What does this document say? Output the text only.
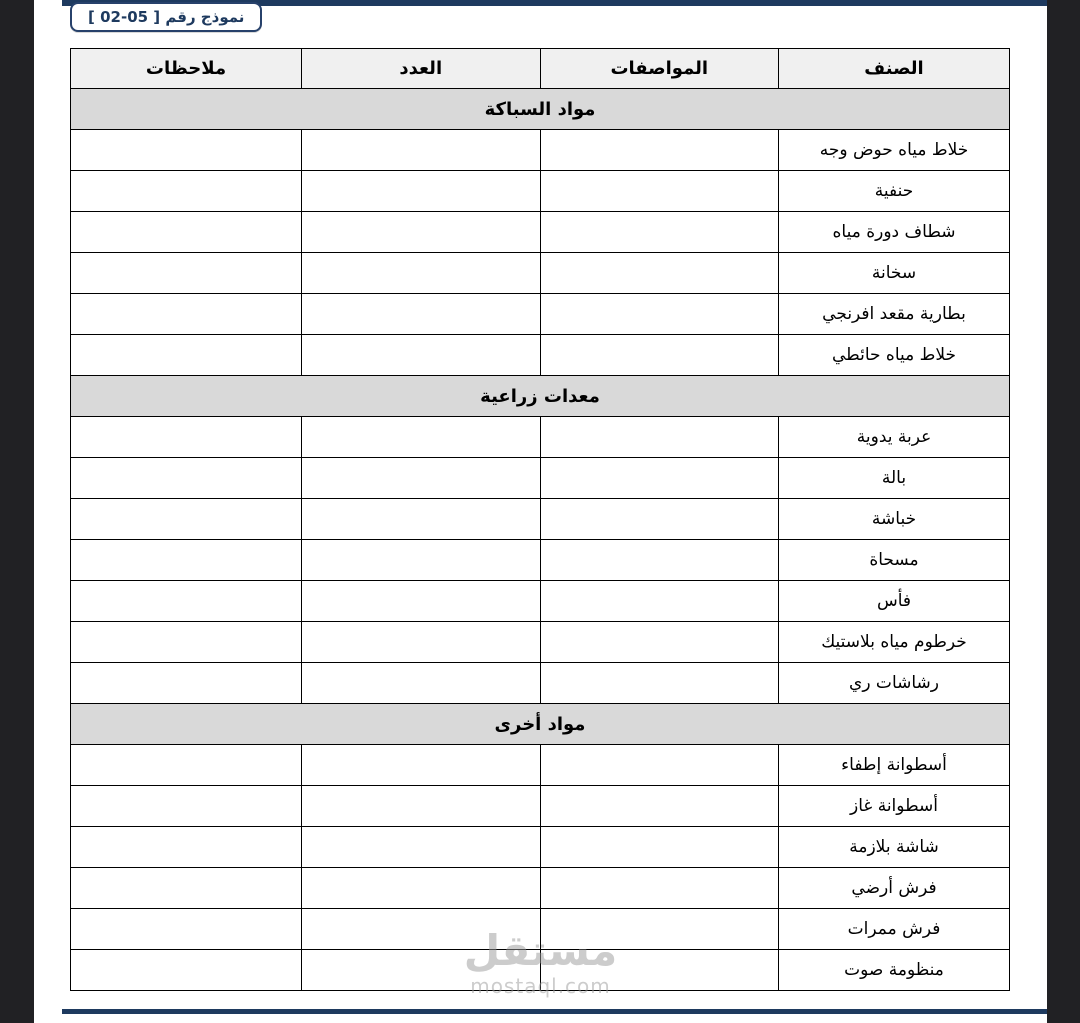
نموذج رقم [ 05-02 ]
الصنف	المواصفات	العدد	ملاحظات
مواد السباكة			
خلاط مياه حوض وجه			
حنفية			
شطاف دورة مياه			
سخانة			
بطارية مقعد افرنجي			
خلاط مياه حائطي			
معدات زراعية			
عربة يدوية			
بالة			
خباشة			
مسحاة			
فأس			
خرطوم مياه بلاستيك			
رشاشات ري			
مواد أخرى			
أسطوانة إطفاء			
أسطوانة غاز			
شاشة بلازمة			
فرش أرضي			
فرش ممرات			
منظومة صوت			
مستقل
mostaql.com
